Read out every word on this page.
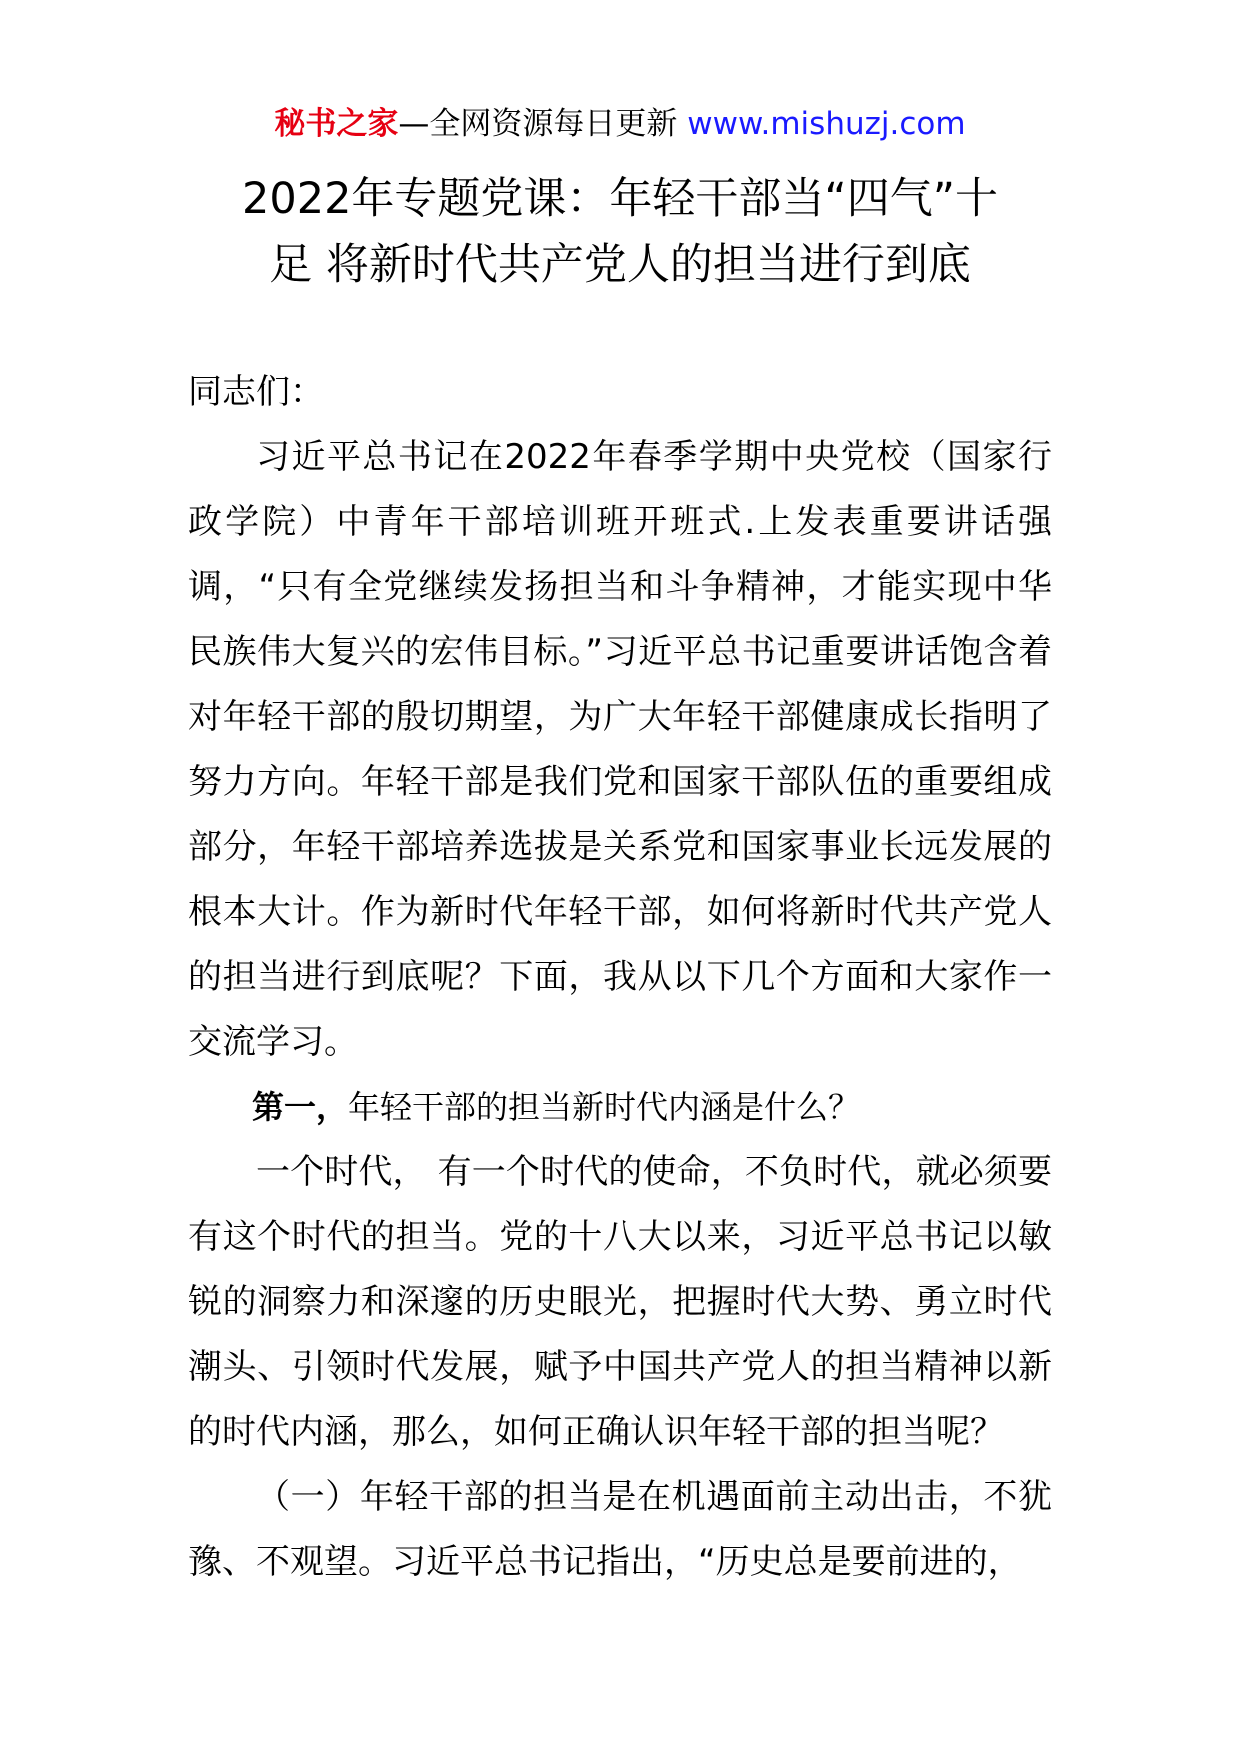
秘书之家—全网资源每日更新 www.mishuzj.com
2022年专题党课：年轻干部当“四气”十
足 将新时代共产党人的担当进行到底

同志们：

习近平总书记在2022年春季学期中央党校（国家行政学院）中青年干部培训班开班式.上发表重要讲话强调，“只有全党继续发扬担当和斗争精神，才能实现中华民族伟大复兴的宏伟目标。”习近平总书记重要讲话饱含着对年轻干部的殷切期望，为广大年轻干部健康成长指明了努力方向。年轻干部是我们党和国家干部队伍的重要组成部分，年轻干部培养选拔是关系党和国家事业长远发展的根本大计。作为新时代年轻干部，如何将新时代共产党人的担当进行到底呢？下面，我从以下几个方面和大家作一交流学习。

第一，年轻干部的担当新时代内涵是什么？

一个时代， 有一个时代的使命，不负时代，就必须要有这个时代的担当。党的十八大以来，习近平总书记以敏锐的洞察力和深邃的历史眼光，把握时代大势、勇立时代潮头、引领时代发展，赋予中国共产党人的担当精神以新的时代内涵，那么，如何正确认识年轻干部的担当呢？

（一）年轻干部的担当是在机遇面前主动出击，不犹豫、不观望。习近平总书记指出，“历史总是要前进的，
